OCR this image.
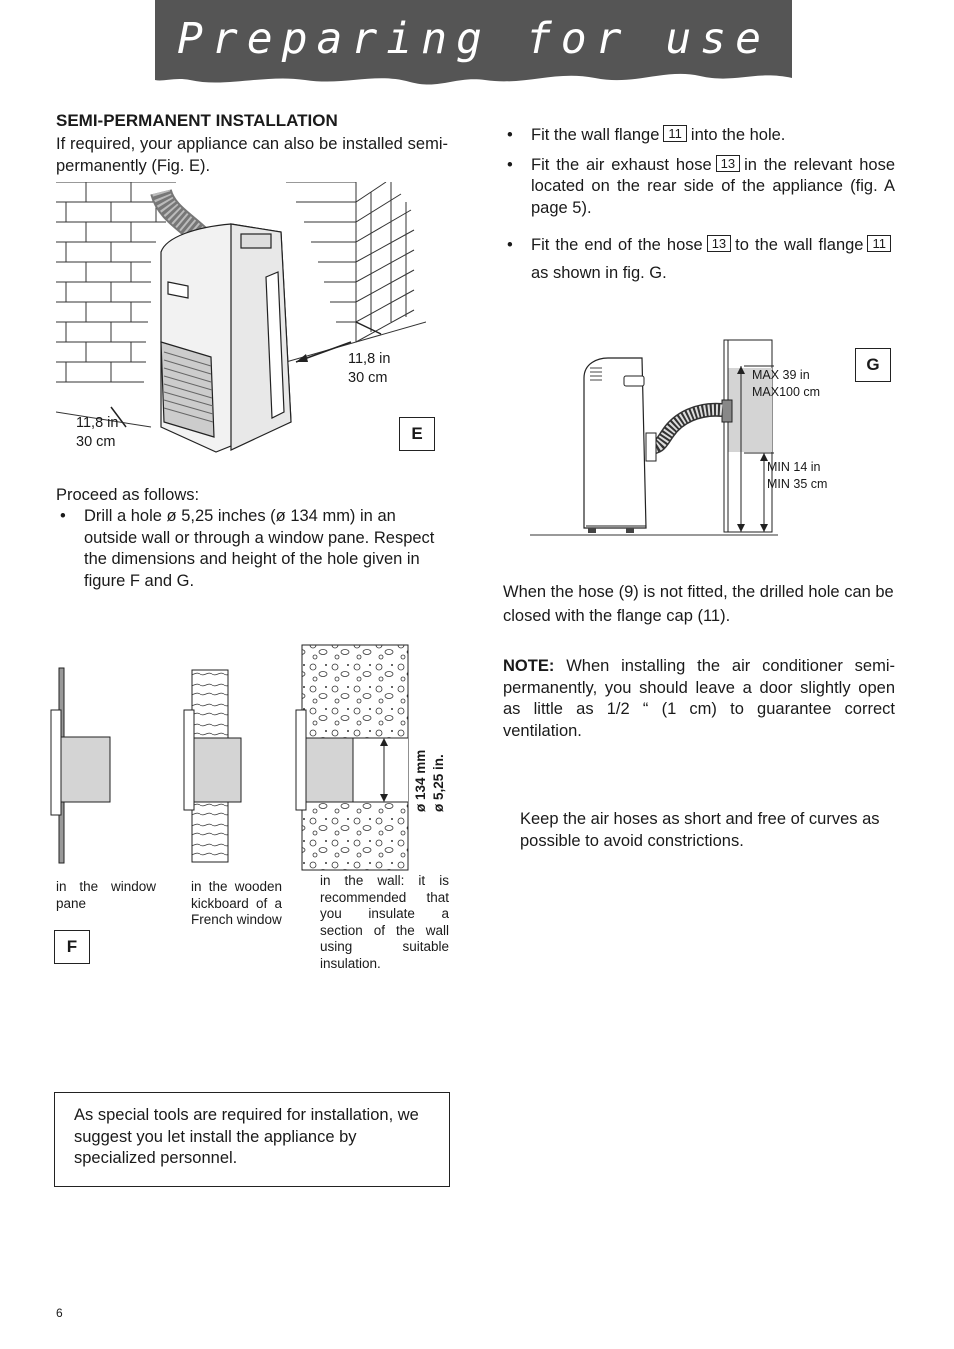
Preparing for use
SEMI-PERMANENT INSTALLATION
If required, your appliance can also be installed semi-permanently (Fig. E).
11,8 in
30 cm
11,8 in
30 cm	E
Proceed as follows:
• Drill a hole ø 5,25 inches (ø 134 mm) in an outside wall or through a window pane. Respect the dimensions and height of the hole given in figure F and G.
ø 134 mm ø 5,25 in.
in the window pane
in the wooden kickboard of a French window
in the wall: it is recommended that you insulate a section of the wall using suitable insulation.
F
As special tools are required for installation, we suggest you let install the appliance by specialized personnel.
• Fit the wall flange 11 into the hole.
• Fit the air exhaust hose 13 in the relevant hose located on the rear side of the appliance (fig. A page 5).
• Fit the end of the hose 13 to the wall flange 11as shown in fig. G.
MAX 39 in
MAX100 cm
MIN 14 in
MIN 35 cm
G
When the hose (9) is not fitted, the drilled hole can be closed with the flange cap (11).
NOTE: When installing the air conditioner semi-permanently, you should leave a door slightly open as little as 1/2 “ (1 cm) to guarantee correct ventilation.
Keep the air hoses as short and free of curves as possible to avoid constrictions.
6
